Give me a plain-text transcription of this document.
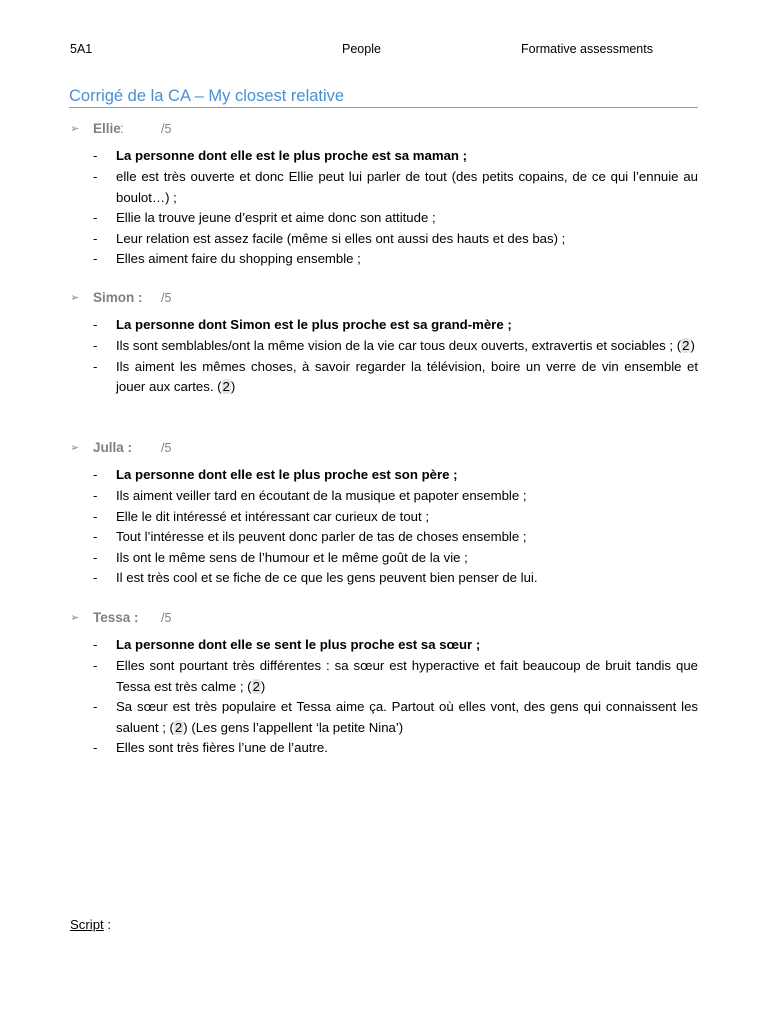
5A1	People	Formative assessments
Corrigé de la CA – My closest relative
➢ Ellie :	/5
- La personne dont elle est le plus proche est sa maman ;
- elle est très ouverte et donc Ellie peut lui parler de tout (des petits copains, de ce qui l’ennuie au boulot…) ;
- Ellie la trouve jeune d’esprit et aime donc son attitude ;
- Leur relation est assez facile (même si elles ont aussi des hauts et des bas) ;
- Elles aiment faire du shopping ensemble ;
➢ Simon : /5
- La personne dont Simon est le plus proche est sa grand-mère ;
- Ils sont semblables/ont la même vision de la vie car tous deux ouverts, extravertis et sociables ; (2)
- Ils aiment les mêmes choses, à savoir regarder la télévision, boire un verre de vin ensemble et jouer aux cartes. (2)
➢ Julla : /5
- La personne dont elle est le plus proche est son père ;
- Ils aiment veiller tard en écoutant de la musique et papoter ensemble ;
- Elle le dit intéressé et intéressant car curieux de tout ;
- Tout l’intéresse et ils peuvent donc parler de tas de choses ensemble ;
- Ils ont le même sens de l’humour et le même goût de la vie ;
- Il est très cool et se fiche de ce que les gens peuvent bien penser de lui.
➢ Tessa : /5
- La personne dont elle se sent le plus proche est sa sœur ;
- Elles sont pourtant très différentes : sa sœur est hyperactive et fait beaucoup de bruit tandis que Tessa est très calme ; (2)
- Sa sœur est très populaire et Tessa aime ça. Partout où elles vont, des gens qui connaissent les saluent ; (2) (Les gens l’appellent ‘la petite Nina’)
- Elles sont très fières l’une de l’autre.
Script :
